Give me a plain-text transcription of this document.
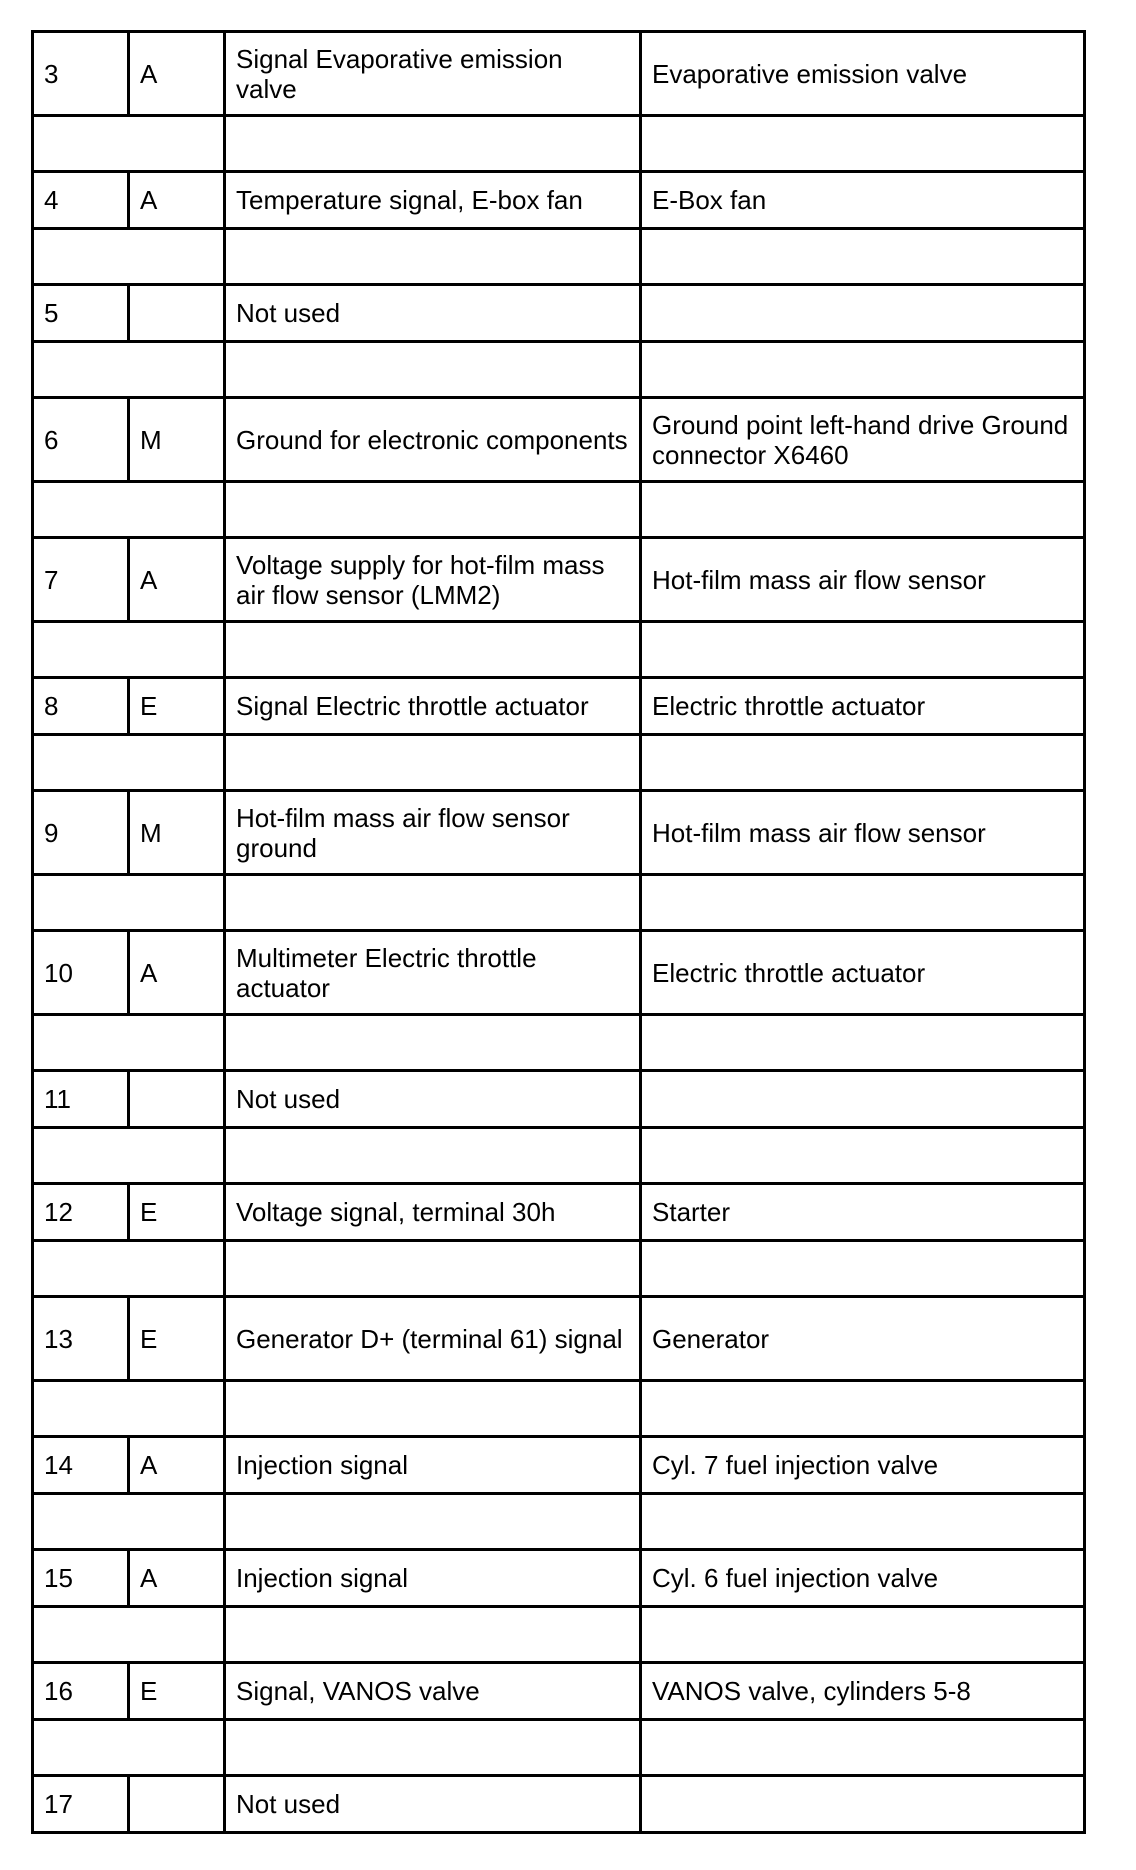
3	A	Signal Evaporative emission valve	Evaporative emission valve

4	A	Temperature signal, E-box fan	E-Box fan

5		Not used	

6	M	Ground for electronic components	Ground point left-hand drive Ground connector X6460

7	A	Voltage supply for hot-film mass air flow sensor (LMM2)	Hot-film mass air flow sensor

8	E	Signal Electric throttle actuator	Electric throttle actuator

9	M	Hot-film mass air flow sensor ground	Hot-film mass air flow sensor

10	A	Multimeter Electric throttle actuator	Electric throttle actuator

11		Not used	

12	E	Voltage signal, terminal 30h	Starter

13	E	Generator D+ (terminal 61) signal	Generator

14	A	Injection signal	Cyl. 7 fuel injection valve

15	A	Injection signal	Cyl. 6 fuel injection valve

16	E	Signal, VANOS valve	VANOS valve, cylinders 5-8

17		Not used	
